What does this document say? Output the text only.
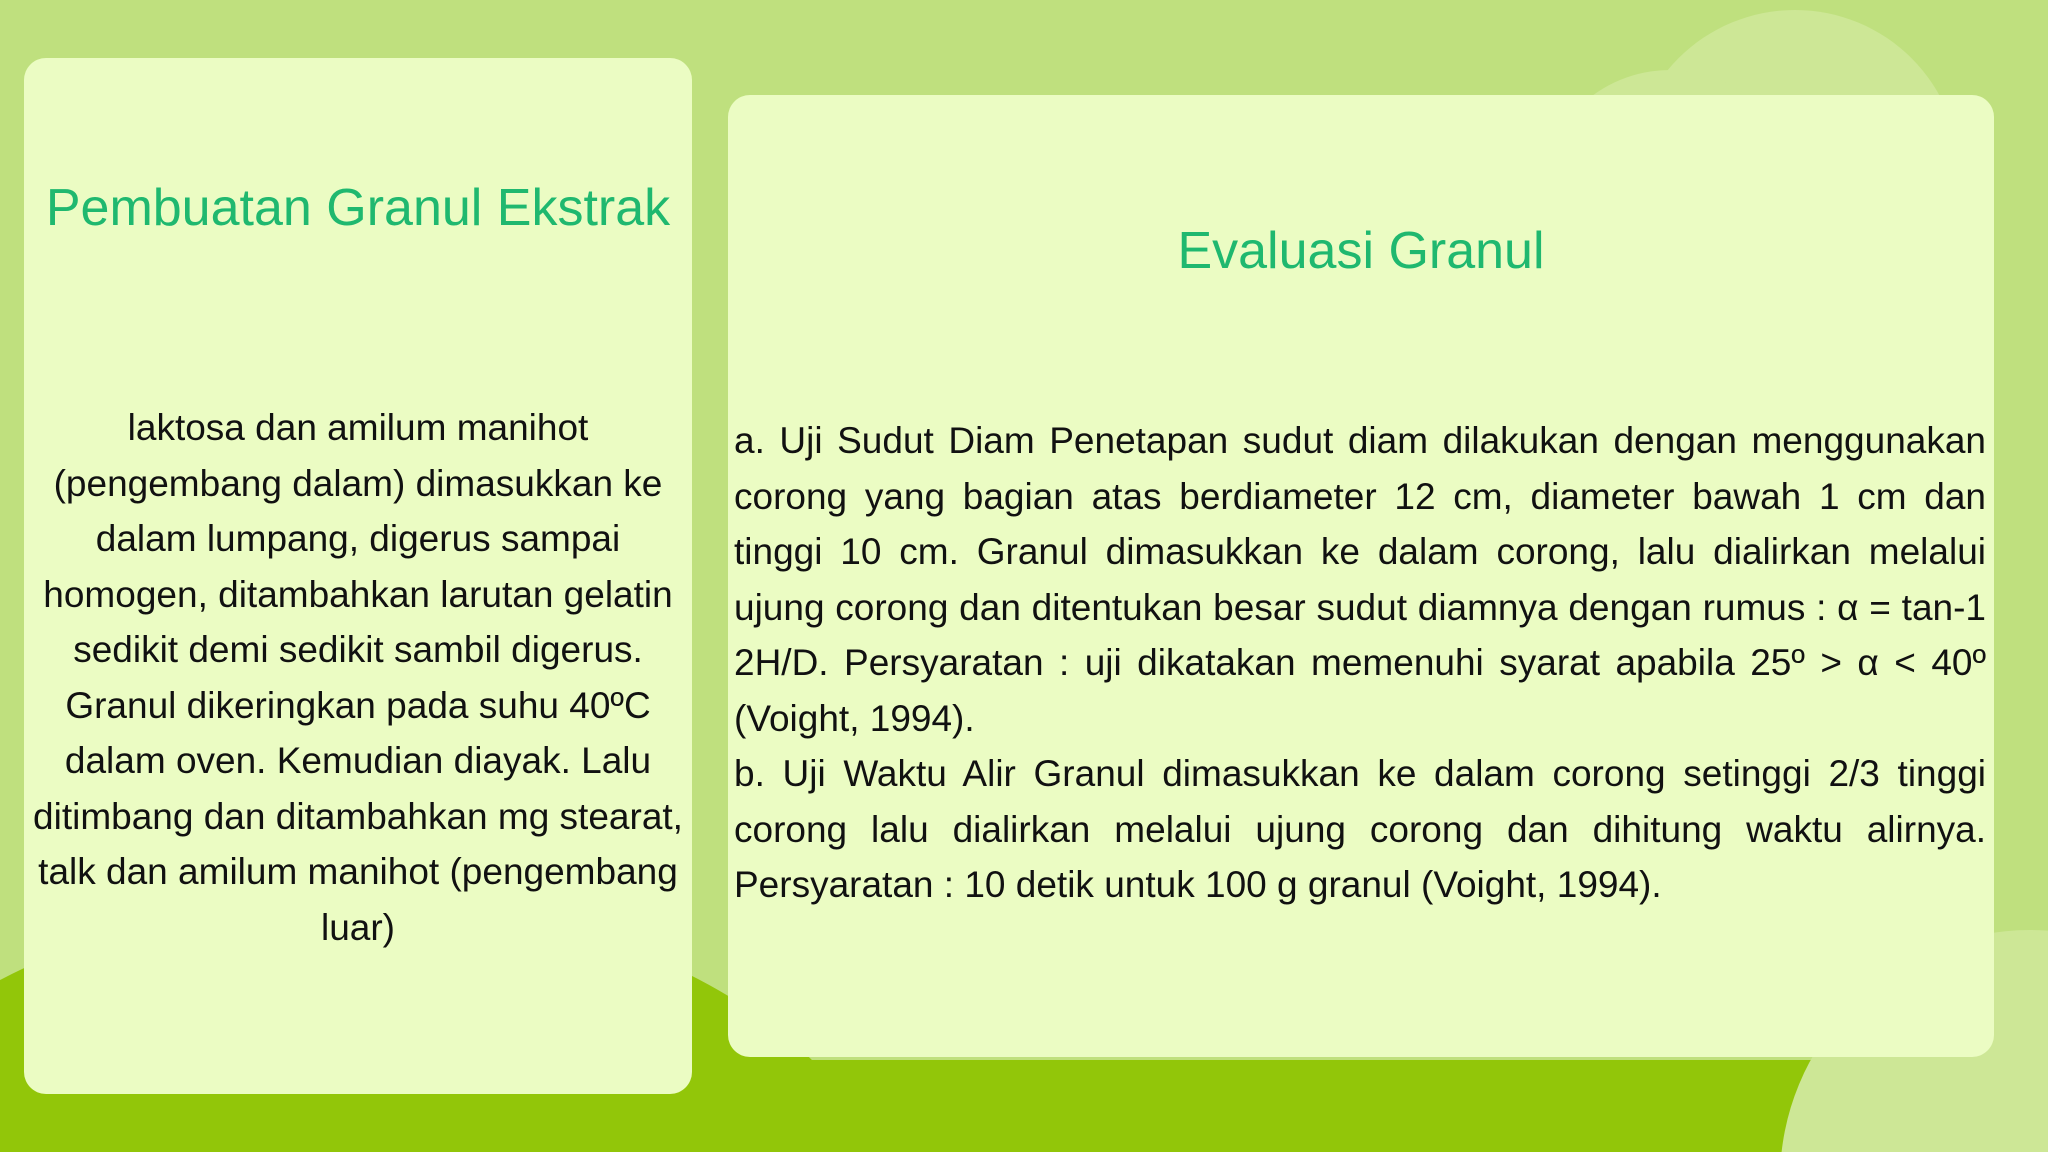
Pembuatan Granul Ekstrak

laktosa dan amilum manihot (pengembang dalam) dimasukkan ke dalam lumpang, digerus sampai homogen, ditambahkan larutan gelatin sedikit demi sedikit sambil digerus. Granul dikeringkan pada suhu 40ºC dalam oven. Kemudian diayak. Lalu ditimbang dan ditambahkan mg stearat, talk dan amilum manihot (pengembang luar)

Evaluasi Granul

a. Uji Sudut Diam Penetapan sudut diam dilakukan dengan menggunakan corong yang bagian atas berdiameter 12 cm, diameter bawah 1 cm dan tinggi 10 cm. Granul dimasukkan ke dalam corong, lalu dialirkan melalui ujung corong dan ditentukan besar sudut diamnya dengan rumus : α = tan-1 2H/D. Persyaratan : uji dikatakan memenuhi syarat apabila 25º > α < 40º (Voight, 1994).

b. Uji Waktu Alir Granul dimasukkan ke dalam corong setinggi 2/3 tinggi corong lalu dialirkan melalui ujung corong dan dihitung waktu alirnya. Persyaratan : 10 detik untuk 100 g granul (Voight, 1994).
